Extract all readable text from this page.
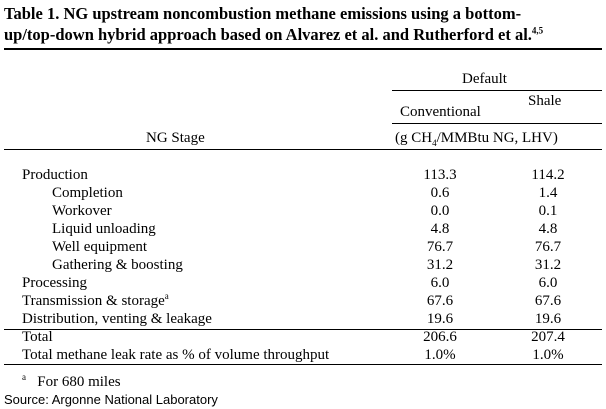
Table 1. NG upstream noncombustion methane emissions using a bottom-
up/top-down hybrid approach based on Alvarez et al. and Rutherford et al.$^{4,5}$
Default
Shale
Conventional
NG Stage	(g $CH_4$/MMBtu NG, LHV)
Production	113.3	114.2
Completion	0.6	1.4
Workover	0.0	0.1
Liquid unloading	4.8	4.8
Well equipment	76.7	76.7
Gathering & boosting	31.2	31.2
Processing	6.0	6.0
Transmission & storage$^a$	67.6	67.6
Distribution, venting & leakage	19.6	19.6
Total	206.6	207.4
Total methane leak rate as % of volume throughput	1.0%	1.0%
$^a$ For 680 miles
Source: Argonne National Laboratory
